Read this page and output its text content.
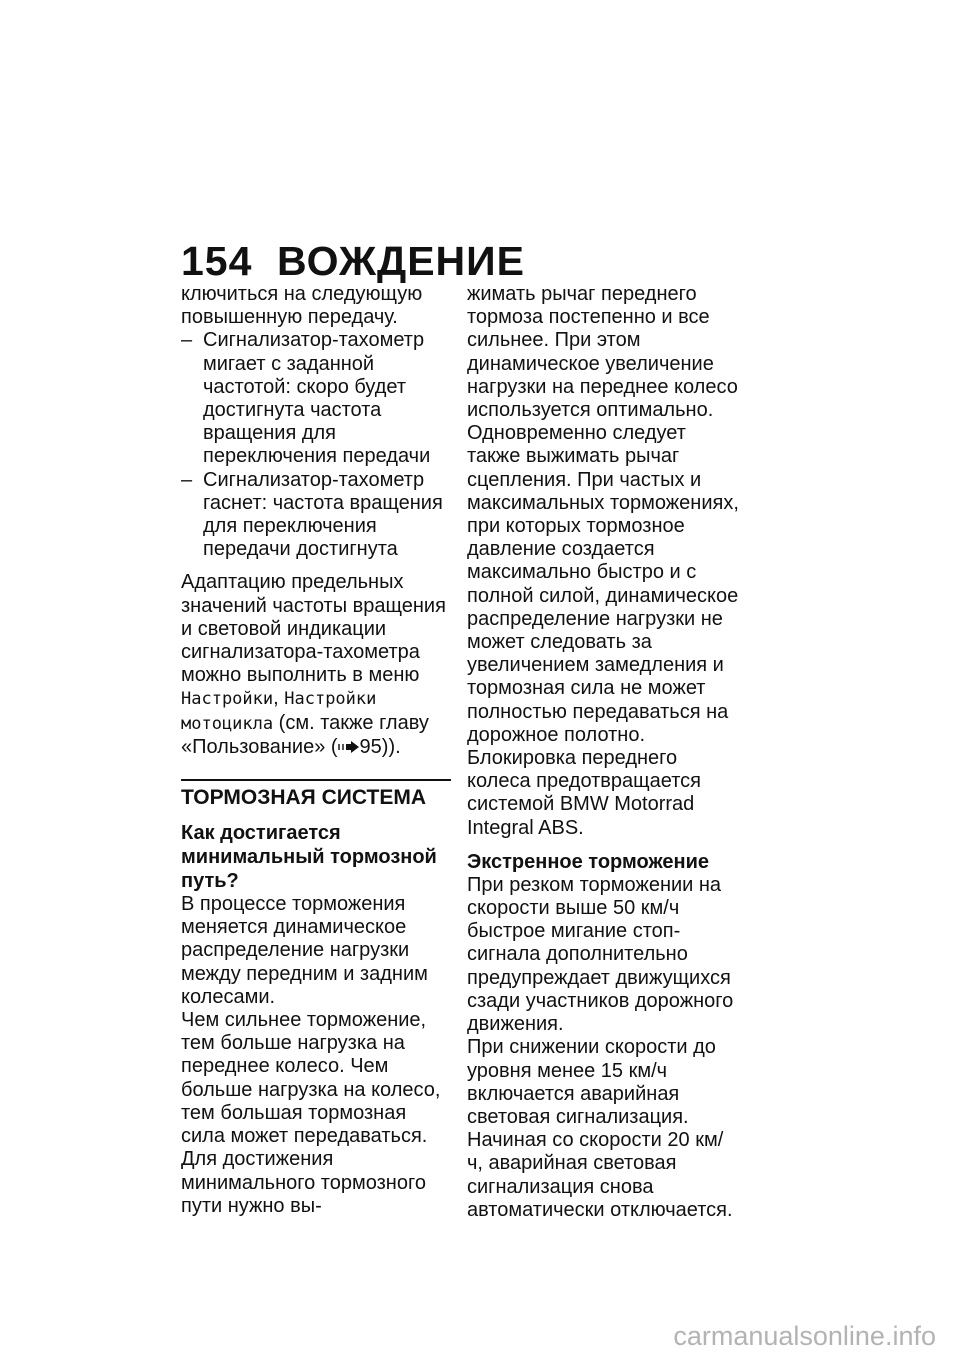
154 ВОЖДЕНИЕ

ключиться на следующую повышенную передачу.

– Сигнализатор-тахометр мигает с заданной частотой: скоро будет достигнута частота вращения для переключения передачи
– Сигнализатор-тахометр гаснет: частота вращения для переключения передачи достигнута

Адаптацию предельных значений частоты вращения и световой индикации сигнализатора-тахометра можно выполнить в меню Настройки, Настройки мотоцикла (см. также главу «Пользование» ( 95)).

ТОРМОЗНАЯ СИСТЕМА
Как достигается минимальный тормозной путь?

В процессе торможения меняется динамическое распределение нагрузки между передним и задним колесами.

Чем сильнее торможение, тем больше нагрузка на переднее колесо. Чем больше нагрузка на колесо, тем большая тормозная сила может передаваться.

Для достижения минимального тормозного пути нужно вы-

жимать рычаг переднего тормоза постепенно и все сильнее. При этом динамическое увеличение нагрузки на переднее колесо используется оптимально. Одновременно следует также выжимать рычаг сцепления. При частых и максимальных торможениях, при которых тормозное давление создается максимально быстро и с полной силой, динамическое распределение нагрузки не может следовать за увеличением замедления и тормозная сила не может полностью передаваться на дорожное полотно.

Блокировка переднего колеса предотвращается системой BMW Motorrad Integral ABS.

Экстренное торможение

При резком торможении на скорости выше 50 км/ч быстрое мигание стоп-сигнала дополнительно предупреждает движущихся сзади участников дорожного движения.

При снижении скорости до уровня менее 15 км/ч включается аварийная световая сигнализация. Начиная со скорости 20 км/ч, аварийная световая сигнализация снова автоматически отключается.

carmanualsonline.info
